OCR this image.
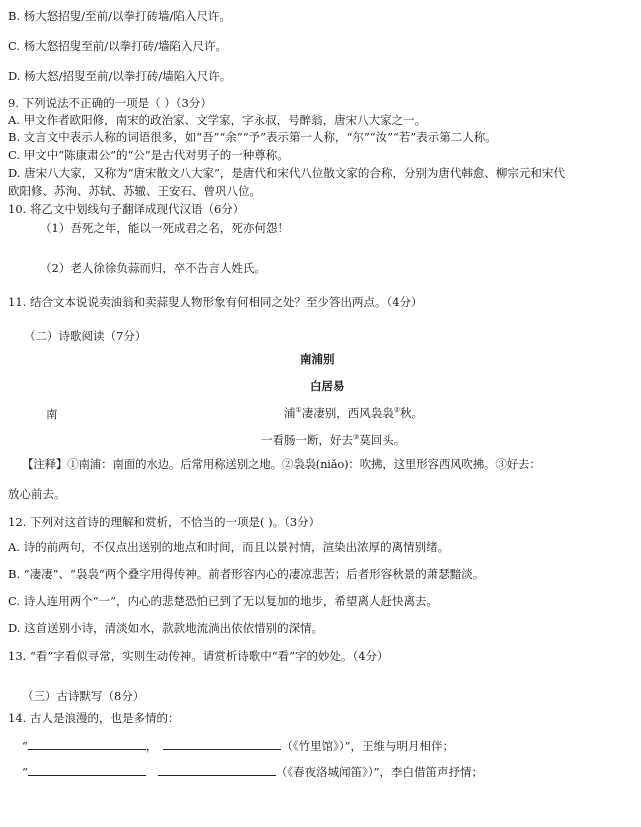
B. 杨大怒招叟/至前/以拳打砖墙/陷入尺许。
C. 杨大怒招叟至前/以拳打砖/墙陷入尺许。
D. 杨大怒/招叟至前/以拳打砖/墙陷入尺许。
9. 下列说法不正确的一项是（ ）（3分）
A. 甲文作者欧阳修，南宋的政治家、文学家，字永叔，号醉翁，唐宋八大家之一。
B. 文言文中表示人称的词语很多，如“吾”“余”“予”表示第一人称，“尔”“汝”“若”表示第二人称。
C. 甲文中“陈康肃公”的“公”是古代对男子的一种尊称。
D. 唐宋八大家，又称为“唐宋散文八大家”，是唐代和宋代八位散文家的合称，分别为唐代韩愈、柳宗元和宋代
欧阳修、苏洵、苏轼、苏辙、王安石、曾巩八位。
10. 将乙文中划线句子翻译成现代汉语（6分）
（1）吾死之年，能以一死成君之名，死亦何怨！
（2）老人徐徐负蒜而归，卒不告言人姓氏。
11. 结合文本说说卖油翁和卖蒜叟人物形象有何相同之处？至少答出两点。（4分）
（二）诗歌阅读（7分）
南浦别
白居易
南	浦①凄凄别，西风袅袅②秋。
一看肠一断，好去③莫回头。
【注释】①南浦：南面的水边。后常用称送别之地。②袅袅(niǎo)：吹拂，这里形容西风吹拂。③好去：
放心前去。
12. 下列对这首诗的理解和赏析，不恰当的一项是( )。（3分）
A. 诗的前两句，不仅点出送别的地点和时间，而且以景衬情，渲染出浓厚的离情别绪。
B. “凄凄”、“袅袅”两个叠字用得传神。前者形容内心的凄凉悲苦；后者形容秋景的萧瑟黯淡。
C. 诗人连用两个“一”，内心的悲楚恐怕已到了无以复加的地步，希望离人赶快离去。
D. 这首送别小诗，清淡如水，款款地流淌出依依惜别的深情。
13. “看”字看似寻常，实则生动传神。请赏析诗歌中“看”字的妙处。（4分）
（三）古诗默写（8分）
14. 古人是浪漫的，也是多情的：
“	，	（《竹里馆》）”，王维与明月相伴；
“	（《春夜洛城闻笛》）”，李白借笛声抒情；
